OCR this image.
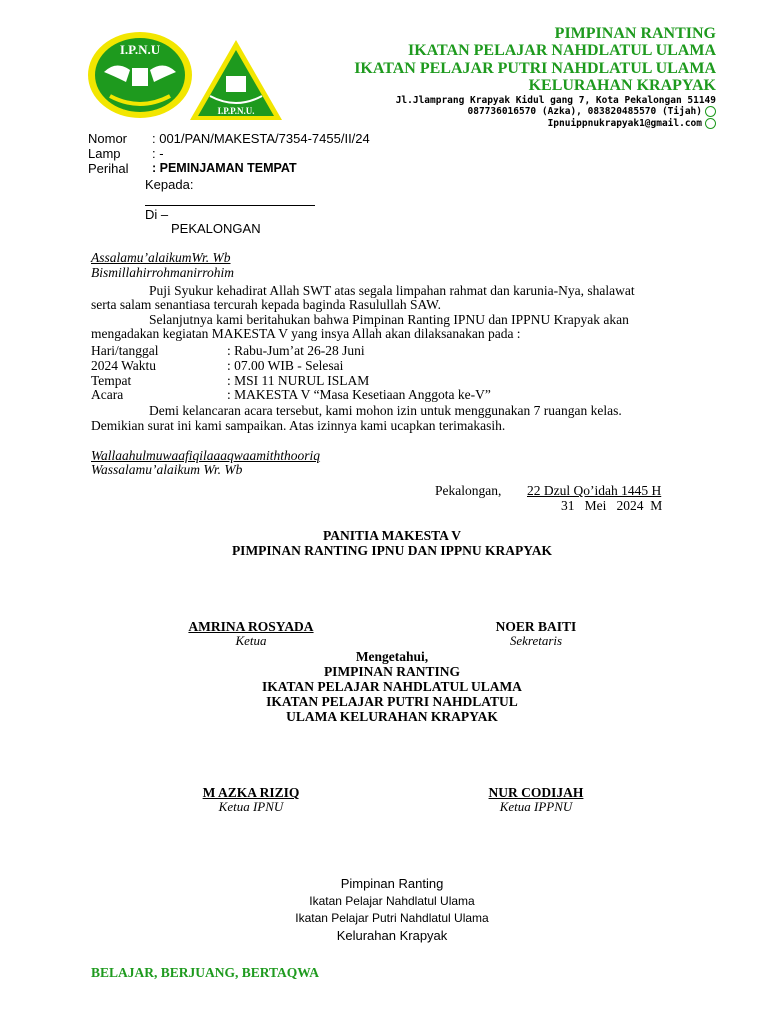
I.P.N.U
I.P.P.N.U.
PIMPINAN RANTING
IKATAN PELAJAR NAHDLATUL ULAMA
IKATAN PELAJAR PUTRI NAHDLATUL ULAMA
KELURAHAN KRAPYAK
Jl.Jlamprang Krapyak Kidul gang 7, Kota Pekalongan 51149
087736016570 (Azka), 083820485570 (Tijah)
Ipnuippnukrapyak1@gmail.com
Nomor : 001/PAN/MAKESTA/7354-7455/II/24
Lamp : -
Perihal : PEMINJAMAN TEMPAT
Kepada:
Di –
PEKALONGAN
Assalamu’alaikumWr. Wb
Bismillahirrohmanirrohim
Puji Syukur kehadirat Allah SWT atas segala limpahan rahmat dan karunia-Nya, shalawat
serta salam senantiasa tercurah kepada baginda Rasulullah SAW.
Selanjutnya kami beritahukan bahwa Pimpinan Ranting IPNU dan IPPNU Krapyak akan
mengadakan kegiatan MAKESTA V yang insya Allah akan dilaksanakan pada :
Hari/tanggal	: Rabu-Jum’at 26-28 Juni
2024 Waktu	: 07.00 WIB - Selesai
Tempat	: MSI 11 NURUL ISLAM
Acara	: MAKESTA V “Masa Kesetiaan Anggota ke-V”
Demi kelancaran acara tersebut, kami mohon izin untuk menggunakan 7 ruangan kelas.
Demikian surat ini kami sampaikan. Atas izinnya kami ucapkan terimakasih.
Wallaahulmuwaafiqilaaaqwaamiththooriq
Wassalamu’alaikum Wr. Wb
Pekalongan, 22 Dzul Qo’idah 1445 H
31   Mei   2024  M
PANITIA MAKESTA V
PIMPINAN RANTING IPNU DAN IPPNU KRAPYAK
AMRINA ROSYADA
Ketua
NOER BAITI
Sekretaris
Mengetahui,
PIMPINAN RANTING
IKATAN PELAJAR NAHDLATUL ULAMA
IKATAN PELAJAR PUTRI NAHDLATUL
ULAMA KELURAHAN KRAPYAK
M AZKA RIZIQ
Ketua IPNU
NUR CODIJAH
Ketua IPPNU
Pimpinan Ranting
Ikatan Pelajar Nahdlatul Ulama
Ikatan Pelajar Putri Nahdlatul Ulama
Kelurahan Krapyak
BELAJAR, BERJUANG, BERTAQWA
